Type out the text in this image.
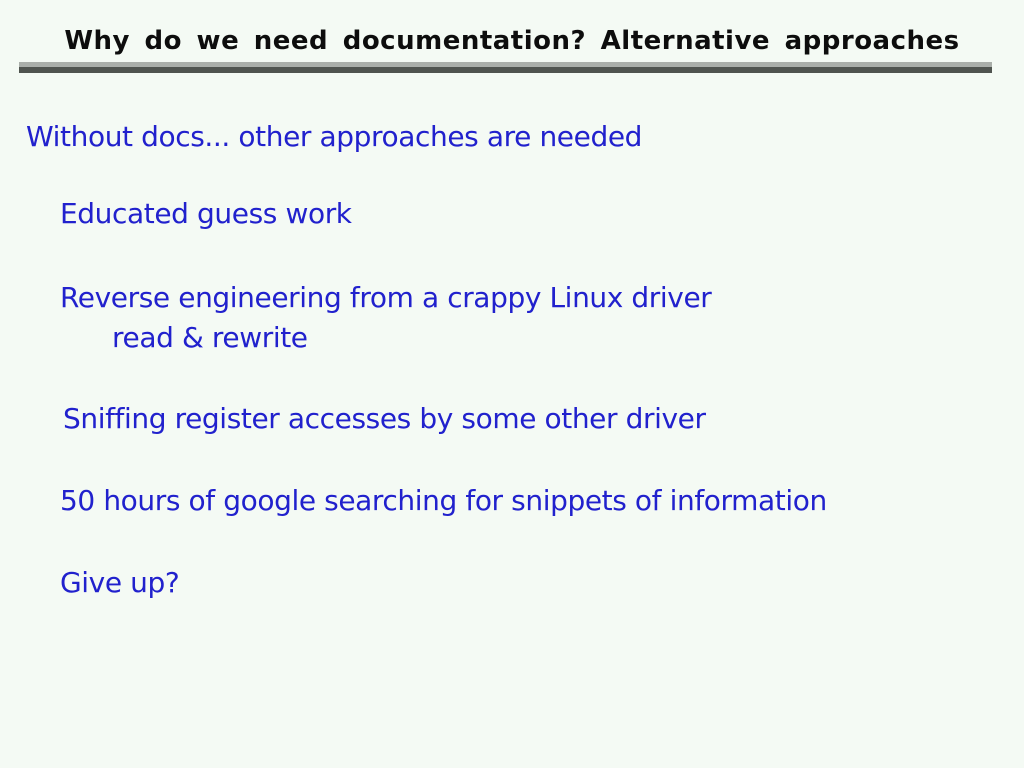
Why do we need documentation? Alternative approaches
Without docs... other approaches are needed
Educated guess work
Reverse engineering from a crappy Linux driver
read & rewrite
Sniffing register accesses by some other driver
50 hours of google searching for snippets of information
Give up?
